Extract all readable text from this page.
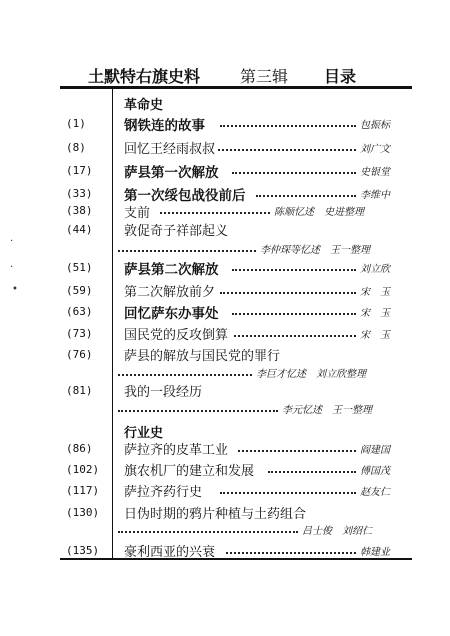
土默特右旗史料 第三辑 目录
·
·
•
革命史
(1)	钢铁连的故事	包振标
(8)	回忆王经雨叔叔	刘广文
(17)	萨县第一次解放	史银堂
(33)	第一次绥包战役前后	李维中
(38)	支前	陈顺忆述　史进整理
(44)	敦促奇子祥部起义
李仲琛等忆述　王一整理
(51)	萨县第二次解放	刘立欣
(59)	第二次解放前夕	宋　玉
(63)	回忆萨东办事处	宋　玉
(73)	国民党的反攻倒算	宋　玉
(76)	萨县的解放与国民党的罪行
李巨才忆述　刘立欣整理
(81)	我的一段经历
李元忆述　王一整理
行业史
(86)	萨拉齐的皮革工业	阎建国
(102)	旗农机厂的建立和发展	傅国茂
(117)	萨拉齐药行史	赵友仁
(130)	日伪时期的鸦片种植与土药组合
吕士俊　刘绍仁
(135)	豪利西亚的兴衰	韩建业
